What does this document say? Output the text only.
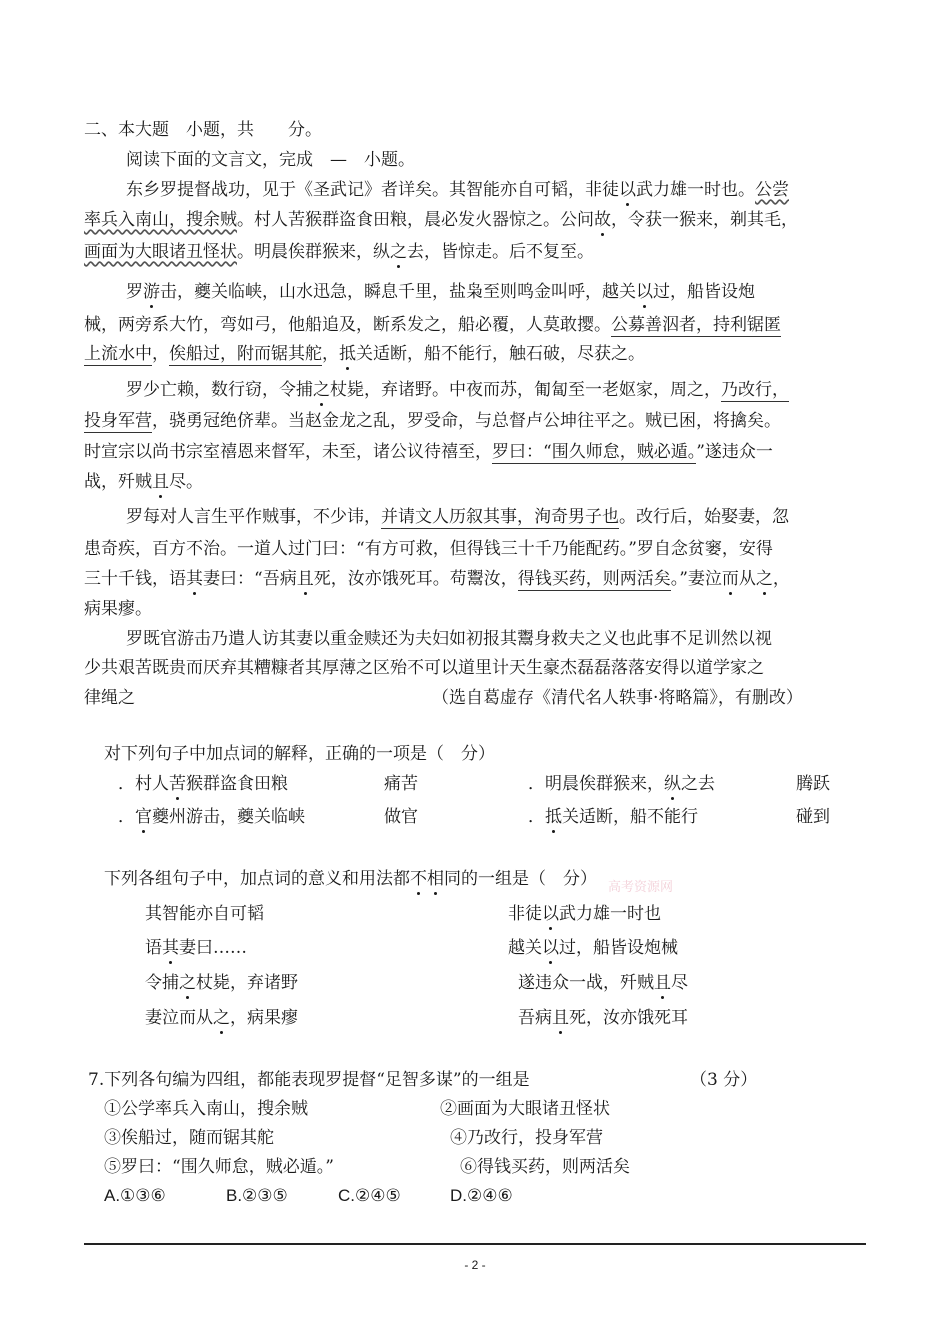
二、本大题　小题，共　　分。
阅读下面的文言文，完成　—　小题。
东乡罗提督战功，见于《圣武记》者详矣。其智能亦自可韬，非徒以武力雄一时也。公尝
率兵入南山，搜余贼。村人苦猴群盗食田粮，晨必发火器惊之。公问故，令获一猴来，剃其毛，
画面为大眼诸丑怪状。明晨俟群猴来，纵之去，皆惊走。后不复至。
罗游击，夔关临峡，山水迅急，瞬息千里，盐枭至则鸣金叫呼，越关以过，船皆设炮
械，两旁系大竹，弯如弓，他船追及，断系发之，船必覆，人莫敢撄。公募善泅者，持利锯匿
上流水中，俟船过，附而锯其舵，抵关适断，船不能行，触石破，尽获之。
罗少亡赖，数行窃，令捕之杖毙，弃诸野。中夜而苏，匍匐至一老妪家，周之，乃改行，
投身军营，骁勇冠绝侪辈。当赵金龙之乱，罗受命，与总督卢公坤往平之。贼已困，将擒矣。
时宣宗以尚书宗室禧恩来督军，未至，诸公议待禧至，罗曰：“围久师怠，贼必遁。”遂违众一
战，歼贼且尽。
罗每对人言生平作贼事，不少讳，并请文人历叙其事，洵奇男子也。改行后，始娶妻，忽
患奇疾，百方不治。一道人过门曰：“有方可救，但得钱三十千乃能配药。”罗自念贫窭，安得
三十千钱，语其妻曰：“吾病且死，汝亦饿死耳。苟鬻汝，得钱买药，则两活矣。”妻泣而从之，
病果瘳。
罗既官游击乃遣人访其妻以重金赎还为夫妇如初报其鬻身救夫之义也此事不足训然以视
少共艰苦既贵而厌弃其糟糠者其厚薄之区殆不可以道里计天生豪杰磊磊落落安得以道学家之
律绳之	（选自葛虚存《清代名人轶事·将略篇》，有删改）
对下列句子中加点词的解释，正确的一项是（　分）
．村人苦猴群盗食田粮	痛苦	．明晨俟群猴来，纵之去	腾跃
．官夔州游击，夔关临峡	做官	．抵关适断，船不能行	碰到
下列各组句子中，加点词的意义和用法都不相同的一组是（　分） 高考资源网
其智能亦自可韬	非徒以武力雄一时也
语其妻曰……	越关以过，船皆设炮械
令捕之杖毙，弃诸野	遂违众一战，歼贼且尽
妻泣而从之，病果瘳	吾病且死，汝亦饿死耳
7.下列各句编为四组，都能表现罗提督“足智多谋”的一组是	（3 分）
①公学率兵入南山，搜余贼	②画面为大眼诸丑怪状
③俟船过，随而锯其舵	④乃改行，投身军营
⑤罗曰：“围久师怠，贼必遁。”	⑥得钱买药，则两活矣
A.①③⑥	B.②③⑤	C.②④⑤	D.②④⑥
- 2 -
